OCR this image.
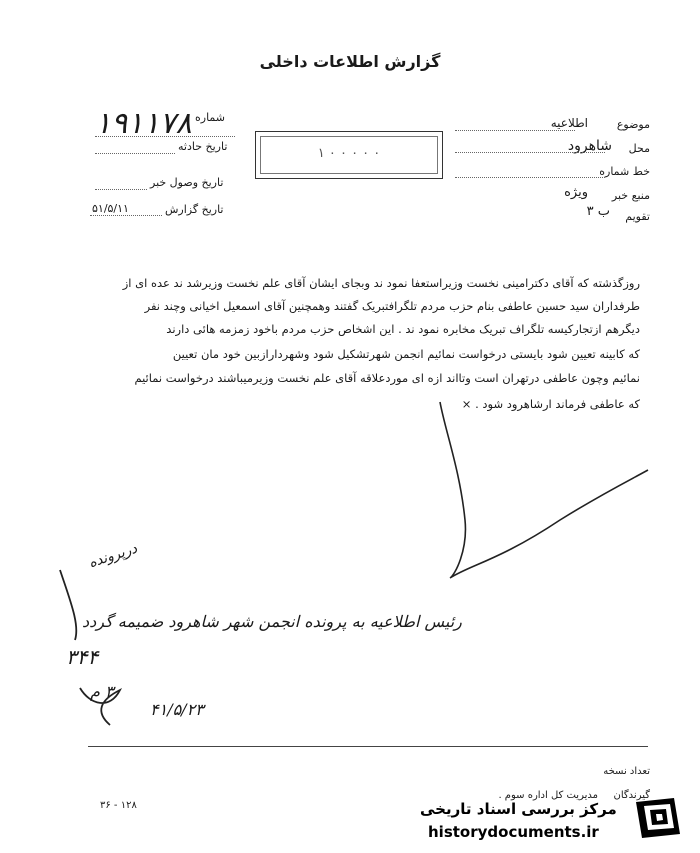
گزارش اطلاعات داخلی
موضوع
اطلاعیه
محل
شاهرود
خط شماره
منبع خبر
ویژه
تقویم
ب ۳
۱ ۰ ۰ ۰ ۰ ۰
۱۹۱۱۷۸ شماره
تاریخ حادثه
تاریخ وصول خبر
تاریخ گزارش
۵۱/۵/۱۱
روزگذشته که آقای دکترامینی نخست وزیراستعفا نمود ند وبجای ایشان آقای علم نخست وزیرشد ند عده ای از
طرفداران سید حسین عاطفی بنام حزب مردم تلگرافتبریک گفتند وهمچنین آقای اسمعیل اخیانی وچند نفر
دیگرهم ازتجارکیسه تلگراف تبریک مخابره نمود ند . این اشخاص حزب مردم باخود زمزمه هائی دارند
که کابینه تعیین شود بایستی درخواست نمائیم انجمن شهرتشکیل شود وشهردارازبین خود مان تعیین
نمائیم وچون عاطفی درتهران است وتااند ازه ای موردعلاقه آقای علم نخست وزیرمیباشند درخواست نمائیم
که عاطفی فرماند ارشاهرود شود . ×
درپرونده
رئیس اطلاعیه به پرونده انجمن شهر شاهرود ضمیمه گردد
۳۴۴
۳ م
۴۱/۵/۲۳
تعداد نسخه
گیرندگان
مدیریت کل اداره سوم .
۳۶ - ۱۲۸	مرکز بررسی اسناد تاریخی
historydocuments.ir
